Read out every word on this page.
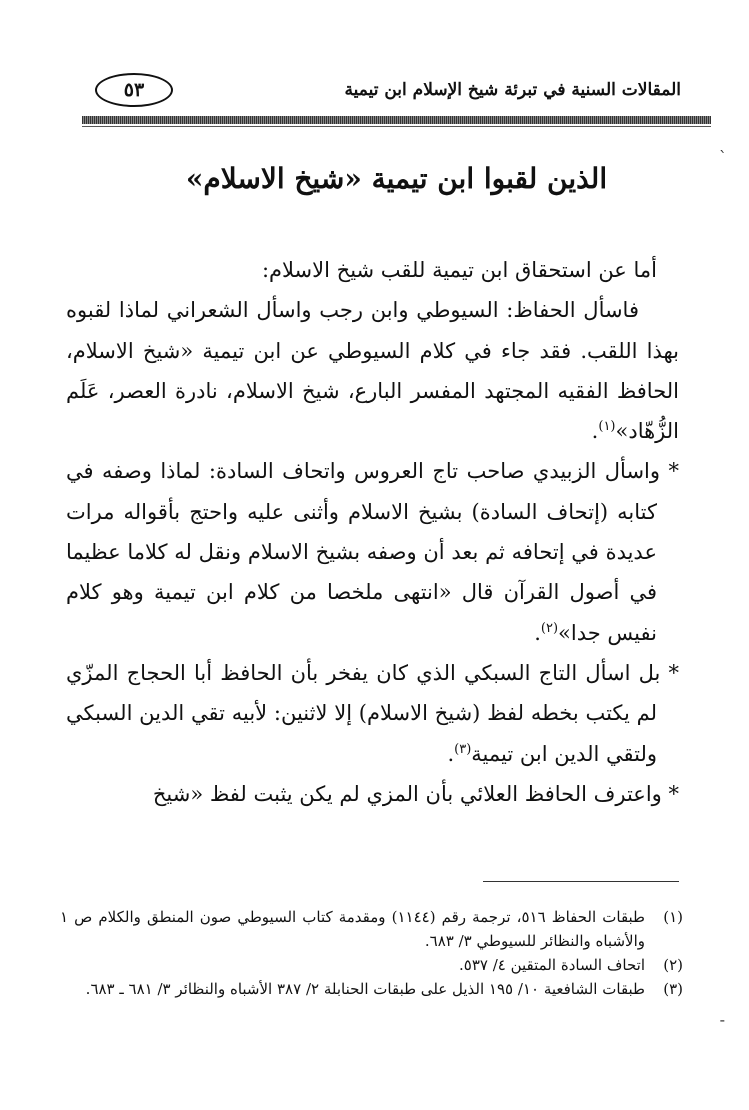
المقالات السنية في تبرئة شيخ الإسلام ابن تيمية
٥٣
`
الذين لقبوا ابن تيمية «شيخ الاسلام»

أما عن استحقاق ابن تيمية للقب شيخ الاسلام:

فاسأل الحفاظ: السيوطي وابن رجب واسأل الشعراني لماذا لقبوه بهذا اللقب. فقد جاء في كلام السيوطي عن ابن تيمية «شيخ الاسلام، الحافظ الفقيه المجتهد المفسر البارع، شيخ الاسلام، نادرة العصر، عَلَم الزُّهّاد»$^{(١)}$.

* واسأل الزبيدي صاحب تاج العروس واتحاف السادة: لماذا وصفه في كتابه (إتحاف السادة) بشيخ الاسلام وأثنى عليه واحتج بأقواله مرات عديدة في إتحافه ثم بعد أن وصفه بشيخ الاسلام ونقل له كلاما عظيما في أصول القرآن قال «انتهى ملخصا من كلام ابن تيمية وهو كلام نفيس جدا»$^{(٢)}$.

* بل اسأل التاج السبكي الذي كان يفخر بأن الحافظ أبا الحجاج المزّي لم يكتب بخطه لفظ (شيخ الاسلام) إلا لاثنين: لأبيه تقي الدين السبكي ولتقي الدين ابن تيمية$^{(٣)}$.

* واعترف الحافظ العلائي بأن المزي لم يكن يثبت لفظ «شيخ

(١)
طبقات الحفاظ ٥١٦، ترجمة رقم (١١٤٤) ومقدمة كتاب السيوطي صون المنطق والكلام ص ١ والأشباه والنظائر للسيوطي ٣/ ٦٨٣.
(٢)
اتحاف السادة المتقين ٤/ ٥٣٧.
(٣)
طبقات الشافعية ١٠/ ١٩٥ الذيل على طبقات الحنابلة ٢/ ٣٨٧ الأشباه والنظائر ٣/ ٦٨١ ـ ٦٨٣.
-
